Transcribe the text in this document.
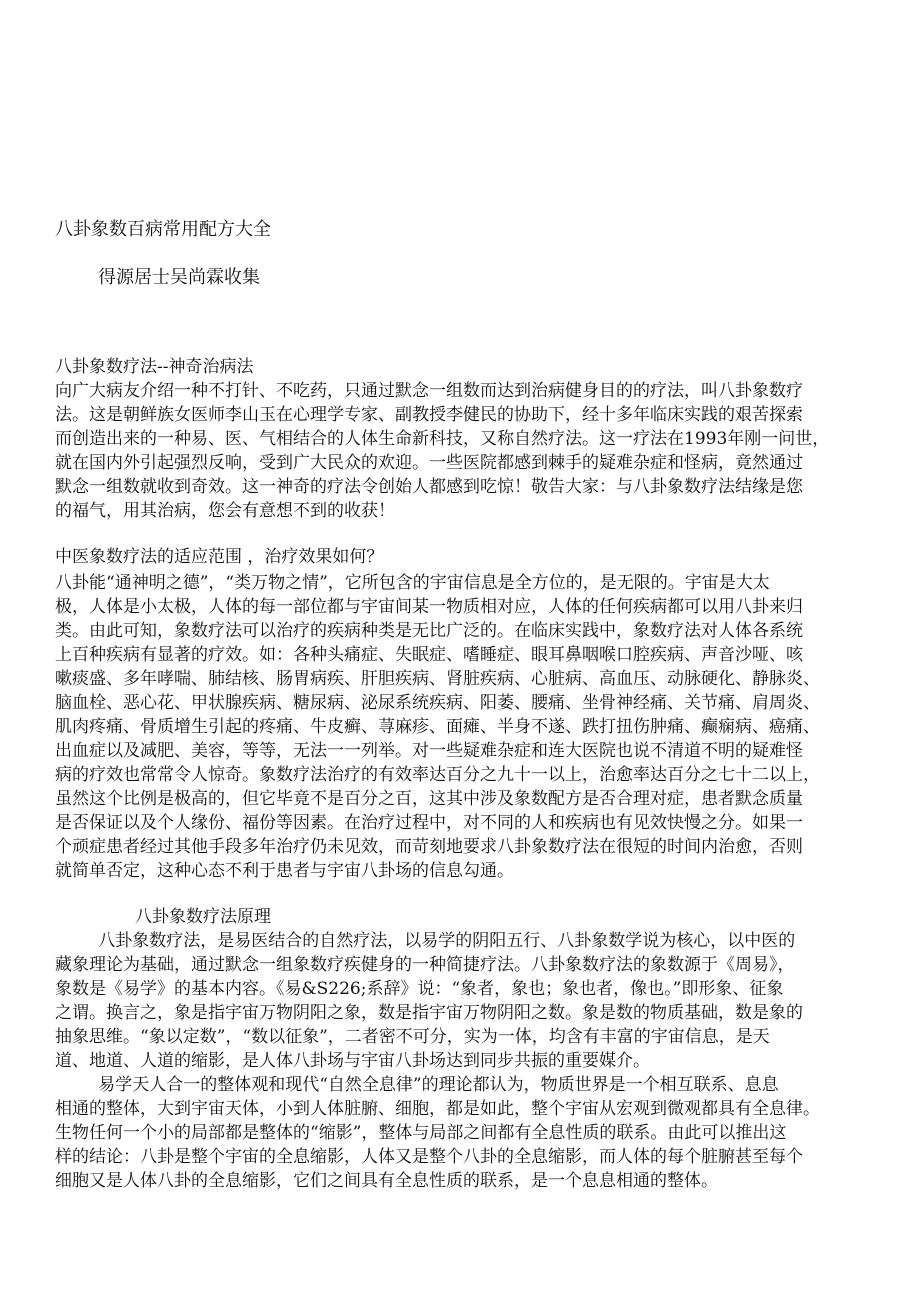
八卦象数百病常用配方大全
得源居士吴尚霖收集
八卦象数疗法--神奇治病法
向广大病友介绍一种不打针、不吃药，只通过默念一组数而达到治病健身目的的疗法，叫八卦象数疗
法。这是朝鲜族女医师李山玉在心理学专家、副教授李健民的协助下，经十多年临床实践的艰苦探索
而创造出来的一种易、医、气相结合的人体生命新科技，又称自然疗法。这一疗法在1993年刚一问世，
就在国内外引起强烈反响，受到广大民众的欢迎。一些医院都感到棘手的疑难杂症和怪病，竟然通过
默念一组数就收到奇效。这一神奇的疗法令创始人都感到吃惊！敬告大家：与八卦象数疗法结缘是您
的福气，用其治病，您会有意想不到的收获！
中医象数疗法的适应范围 ，治疗效果如何？
八卦能“通神明之德”，“类万物之情”，它所包含的宇宙信息是全方位的，是无限的。宇宙是大太
极，人体是小太极，人体的每一部位都与宇宙间某一物质相对应，人体的任何疾病都可以用八卦来归
类。由此可知，象数疗法可以治疗的疾病种类是无比广泛的。在临床实践中，象数疗法对人体各系统
上百种疾病有显著的疗效。如：各种头痛症、失眠症、嗜睡症、眼耳鼻咽喉口腔疾病、声音沙哑、咳
嗽痰盛、多年哮喘、肺结核、肠胃病疾、肝胆疾病、肾脏疾病、心脏病、高血压、动脉硬化、静脉炎、
脑血栓、恶心花、甲状腺疾病、糖尿病、泌尿系统疾病、阳萎、腰痛、坐骨神经痛、关节痛、肩周炎、
肌肉疼痛、骨质增生引起的疼痛、牛皮癣、荨麻疹、面瘫、半身不遂、跌打扭伤肿痛、癫痫病、癌痛、
出血症以及减肥、美容，等等，无法一一列举。对一些疑难杂症和连大医院也说不清道不明的疑难怪
病的疗效也常常令人惊奇。象数疗法治疗的有效率达百分之九十一以上，治愈率达百分之七十二以上，
虽然这个比例是极高的，但它毕竟不是百分之百，这其中涉及象数配方是否合理对症，患者默念质量
是否保证以及个人缘份、福份等因素。在治疗过程中，对不同的人和疾病也有见效快慢之分。如果一
个顽症患者经过其他手段多年治疗仍未见效，而苛刻地要求八卦象数疗法在很短的时间内治愈，否则
就简单否定，这种心态不利于患者与宇宙八卦场的信息勾通。
八卦象数疗法原理
八卦象数疗法，是易医结合的自然疗法，以易学的阴阳五行、八卦象数学说为核心，以中医的
藏象理论为基础，通过默念一组象数疗疾健身的一种简捷疗法。八卦象数疗法的象数源于《周易》，
象数是《易学》的基本内容。《易&S226;系辞》说：“象者，象也；象也者，像也。”即形象、征象
之谓。换言之，象是指宇宙万物阴阳之象，数是指宇宙万物阴阳之数。象是数的物质基础，数是象的
抽象思维。“象以定数”，“数以征象”，二者密不可分，实为一体，均含有丰富的宇宙信息，是天
道、地道、人道的缩影，是人体八卦场与宇宙八卦场达到同步共振的重要媒介。
易学天人合一的整体观和现代“自然全息律”的理论都认为，物质世界是一个相互联系、息息
相通的整体，大到宇宙天体，小到人体脏腑、细胞，都是如此，整个宇宙从宏观到微观都具有全息律。
生物任何一个小的局部都是整体的“缩影”，整体与局部之间都有全息性质的联系。由此可以推出这
样的结论：八卦是整个宇宙的全息缩影，人体又是整个八卦的全息缩影，而人体的每个脏腑甚至每个
细胞又是人体八卦的全息缩影，它们之间具有全息性质的联系，是一个息息相通的整体。
